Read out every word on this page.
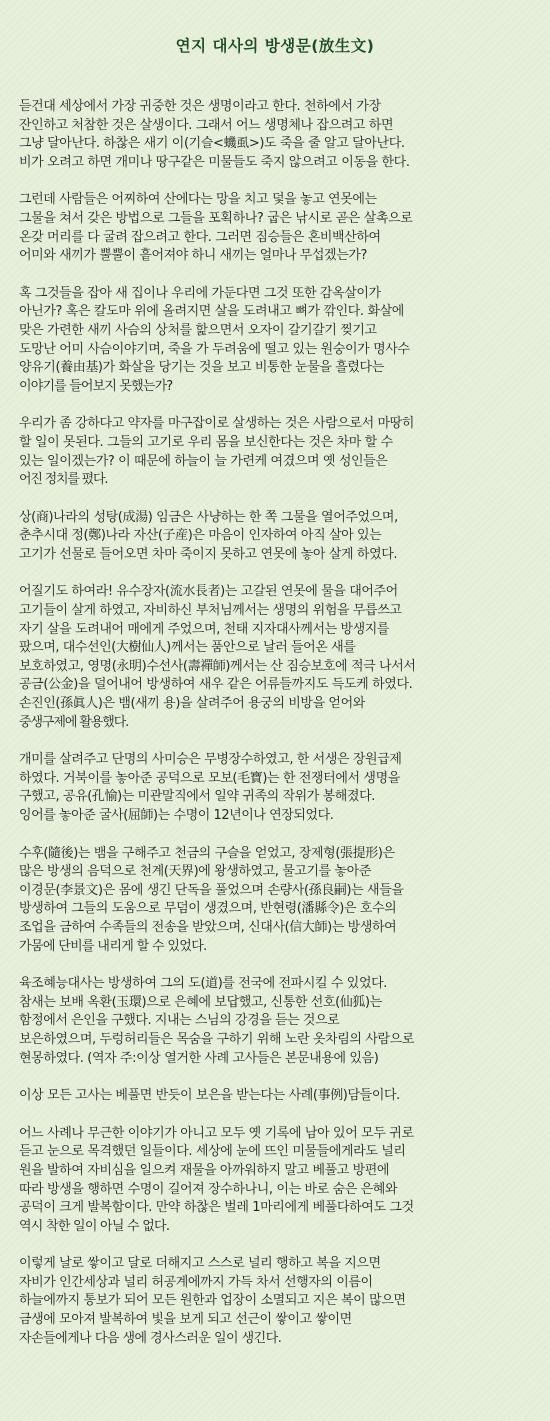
연지 대사의 방생문(放生文)
듣건대 세상에서 가장 귀중한 것은 생명이라고 한다. 천하에서 가장
잔인하고 처참한 것은 살생이다. 그래서 어느 생명체나 잡으려고 하면
그냥 달아난다. 하찮은 새기 이(기슬<蟣虱>)도 죽을 줄 알고 달아난다.
비가 오려고 하면 개미나 땅구같은 미물들도 죽지 않으려고 이동을 한다.
그런데 사람들은 어찌하여 산에다는 망을 치고 덫을 놓고 연못에는
그물을 쳐서 갖은 방법으로 그들을 포획하나? 굽은 낚시로 곧은 살촉으로
온갖 머리를 다 굴려 잡으려고 한다. 그러면 짐승들은 혼비백산하여
어미와 새끼가 뿔뿔이 흩어져야 하니 새끼는 얼마나 무섭겠는가?
혹 그것들을 잡아 새 집이나 우리에 가둔다면 그것 또한 감옥살이가
아닌가? 혹은 칼도마 위에 올려지면 살을 도려내고 뼈가 깎인다. 화살에
맞은 가련한 새끼 사슴의 상처를 핥으면서 오자이 갈기갈기 찢기고
도망난 어미 사슴이야기며, 죽을 가 두려움에 떨고 있는 원숭이가 명사수
양유기(養由基)가 화살을 당기는 것을 보고 비통한 눈물을 흘렸다는
이야기를 들어보지 못했는가?
우리가 좀 강하다고 약자를 마구잡이로 살생하는 것은 사람으로서 마땅히
할 일이 못된다. 그들의 고기로 우리 몸을 보신한다는 것은 차마 할 수
있는 일이겠는가? 이 때문에 하늘이 늘 가련케 여겼으며 옛 성인들은
어진 정치를 폈다.
상(商)나라의 성탕(成湯) 임금은 사냥하는 한 쪽 그물을 열어주었으며,
춘추시대 정(鄭)나라 자산(子産)은 마음이 인자하여 아직 살아 있는
고기가 선물로 들어오면 차마 죽이지 못하고 연못에 놓아 살게 하였다.
어질기도 하여라! 유수장자(流水長者)는 고갈된 연못에 물을 대어주어
고기들이 살게 하였고, 자비하신 부처님께서는 생명의 위험을 무릅쓰고
자기 살을 도려내어 매에게 주었으며, 천태 지자대사께서는 방생지를
팠으며, 대수선인(大樹仙人)께서는 품안으로 날러 들어온 새를
보호하였고, 영명(永明)수선사(壽禪師)께서는 산 짐승보호에 적극 나서서
공금(公金)을 덜어내어 방생하여 새우 같은 어류들까지도 득도케 하였다.
손진인(孫眞人)은 뱀(새끼 용)을 살려주어 용궁의 비방을 얻어와
중생구제에 활용했다.
개미를 살려주고 단명의 사미승은 무병장수하였고, 한 서생은 장원급제
하였다. 거북이를 놓아준 공덕으로 모보(毛寶)는 한 전쟁터에서 생명을
구했고, 공유(孔愉)는 미관말직에서 일약 귀족의 작위가 봉해졌다.
잉어를 놓아준 굴사(屈師)는 수명이 12년이나 연장되었다.
수후(隨後)는 뱀을 구해주고 천금의 구슬을 얻었고, 장제형(張提形)은
많은 방생의 음덕으로 천계(天界)에 왕생하였고, 물고기를 놓아준
이경문(李景文)은 몸에 생긴 단독을 풀었으며 손량사(孫良嗣)는 새들을
방생하여 그들의 도움으로 무덤이 생겼으며, 반현령(潘縣令)은 호수의
조업을 금하여 수족들의 전송을 받았으며, 신대사(信大師)는 방생하여
가뭄에 단비를 내리게 할 수 있었다.
육조혜능대사는 방생하여 그의 도(道)를 전국에 전파시킬 수 있었다.
참새는 보배 옥환(玉環)으로 은혜에 보답했고, 신통한 선호(仙狐)는
함정에서 은인을 구했다. 지내는 스님의 강경을 듣는 것으로
보은하였으며, 두렁허리들은 목숨을 구하기 위해 노란 옷차림의 사람으로
현몽하였다. (역자 주:이상 열거한 사례 고사들은 본문내용에 있음)
이상 모든 고사는 베풀면 반듯이 보은을 받는다는 사례(事例)담들이다.
어느 사례나 무근한 이야기가 아니고 모두 옛 기록에 남아 있어 모두 귀로
듣고 눈으로 목격했던 일들이다. 세상에 눈에 뜨인 미물들에게라도 널리
원을 발하여 자비심을 일으켜 재물을 아까워하지 말고 베풀고 방편에
따라 방생을 행하면 수명이 길어져 장수하나니, 이는 바로 숨은 은혜와
공덕이 크게 발복함이다. 만약 하찮은 벌레 1마리에게 베풀다하여도 그것
역시 착한 일이 아닐 수 없다.
이렇게 날로 쌓이고 달로 더해지고 스스로 널리 행하고 복을 지으면
자비가 인간세상과 널리 허공계에까지 가득 차서 선행자의 이름이
하늘에까지 통보가 되어 모든 원한과 업장이 소멸되고 지은 복이 많으면
금생에 모아져 발복하여 빛을 보게 되고 선근이 쌓이고 쌓이면
자손들에게나 다음 생에 경사스러운 일이 생긴다.
